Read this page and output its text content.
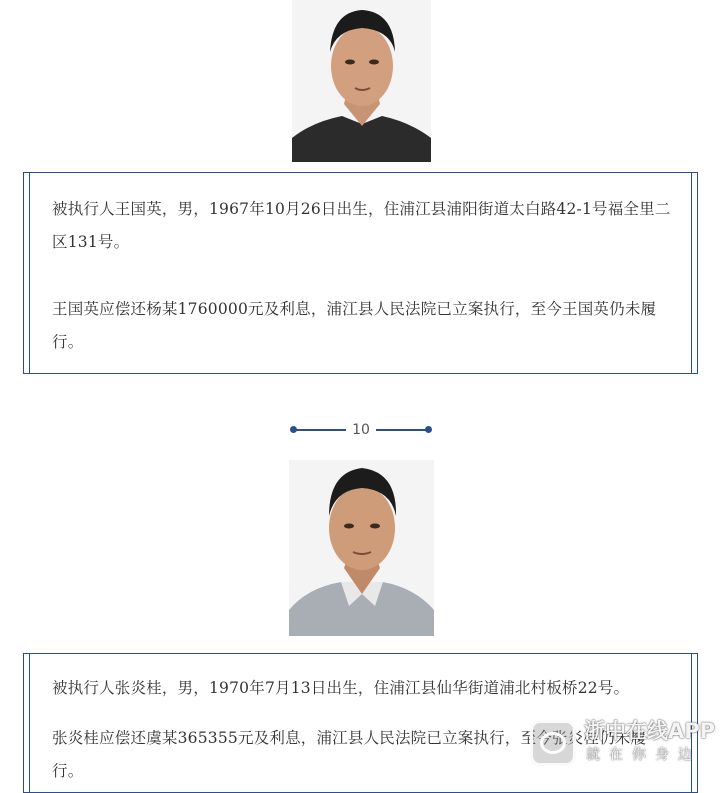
被执行人王国英，男，1967年10月26日出生，住浦江县浦阳街道太白路42-1号福全里二区131号。

王国英应偿还杨某1760000元及利息，浦江县人民法院已立案执行，至今王国英仍未履行。

10

被执行人张炎桂，男，1970年7月13日出生，住浦江县仙华街道浦北村板桥22号。

张炎桂应偿还虞某365355元及利息，浦江县人民法院已立案执行，至今张炎桂仍未履行。

浙中在线APP
就在你身边
